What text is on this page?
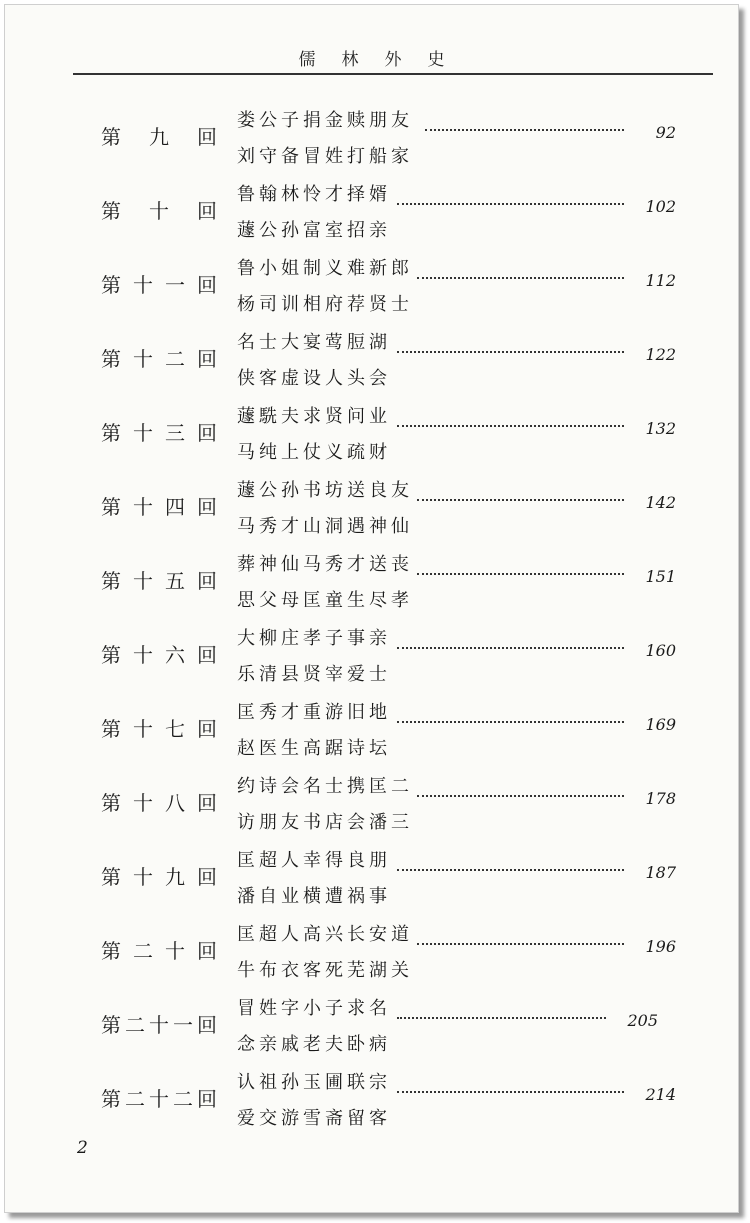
儒林外史
第九回
娄公子捐金赎朋友
刘守备冒姓打船家
92
第十回
鲁翰林怜才择婿
蘧公孙富室招亲
102
第十一回
鲁小姐制义难新郎
杨司训相府荐贤士
112
第十二回
名士大宴莺脰湖
侠客虚设人头会
122
第十三回
蘧駪夫求贤问业
马纯上仗义疏财
132
第十四回
蘧公孙书坊送良友
马秀才山洞遇神仙
142
第十五回
葬神仙马秀才送丧
思父母匡童生尽孝
151
第十六回
大柳庄孝子事亲
乐清县贤宰爱士
160
第十七回
匡秀才重游旧地
赵医生高踞诗坛
169
第十八回
约诗会名士携匡二
访朋友书店会潘三
178
第十九回
匡超人幸得良朋
潘自业横遭祸事
187
第二十回
匡超人高兴长安道
牛布衣客死芜湖关
196
第二十一回
冒姓字小子求名
念亲戚老夫卧病
205
第二十二回
认祖孙玉圃联宗
爱交游雪斋留客
214
2
